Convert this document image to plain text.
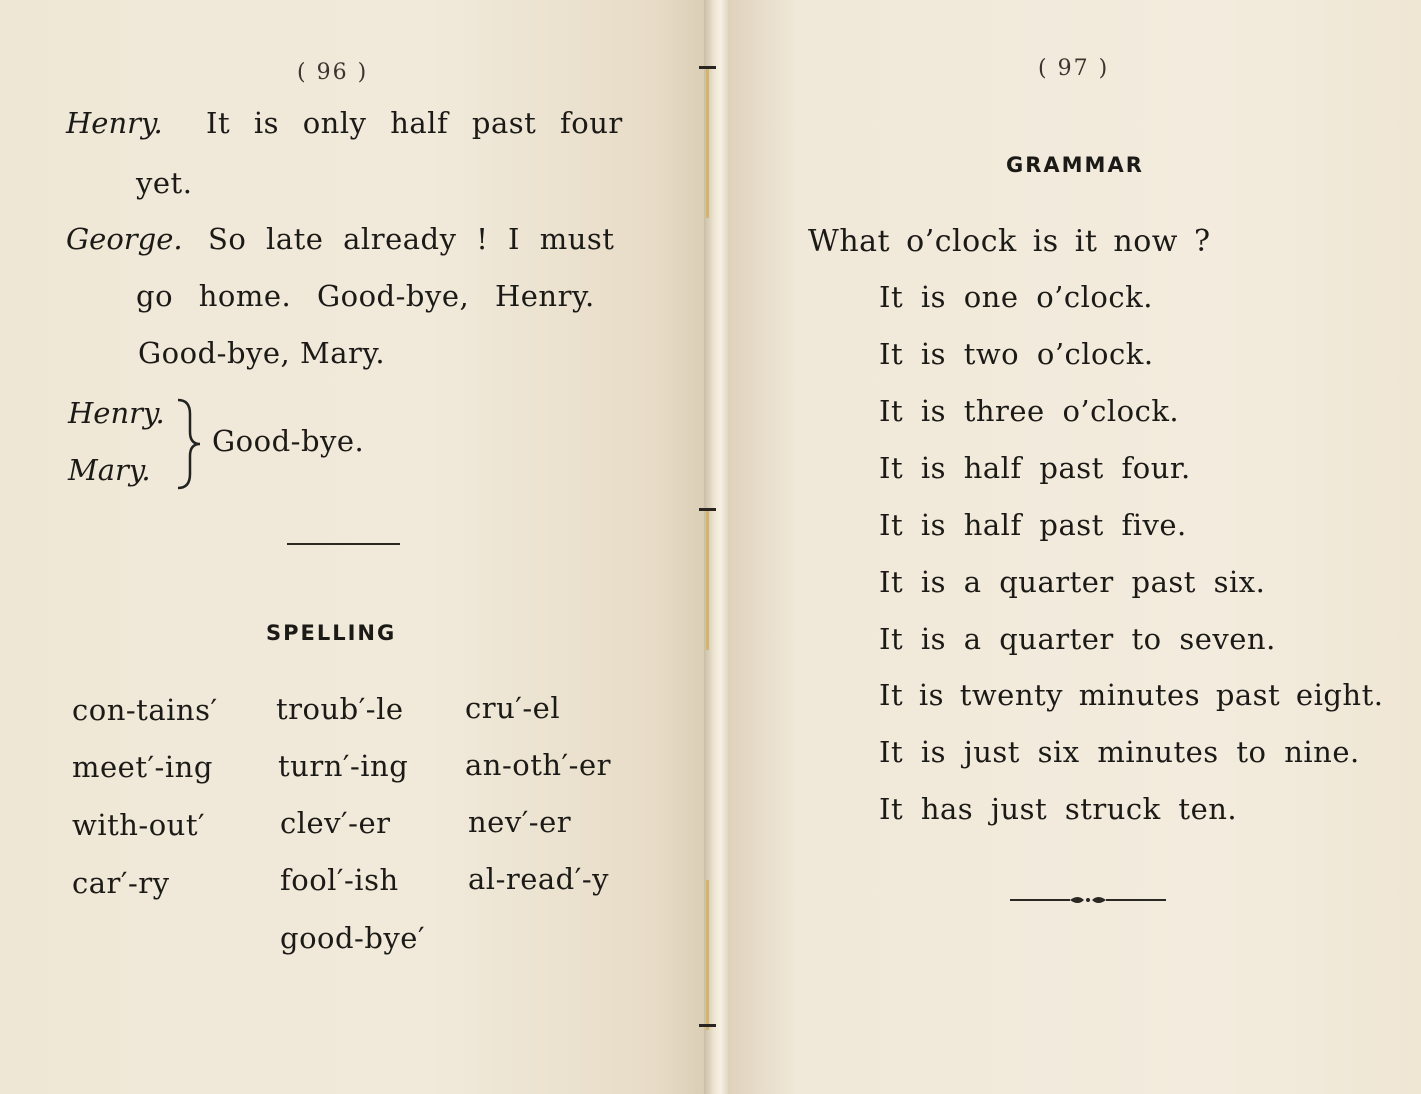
( 96 )
Henry. It is only half past four
yet.
George. So late already ! I must
go home. Good-bye, Henry.
Good-bye, Mary.
Henry.
Mary.
Good-bye.
SPELLING
con-tains′
meet′-ing
with-out′
car′-ry
troub′-le
turn′-ing
clev′-er
fool′-ish
good-bye′
cru′-el
an-oth′-er
nev′-er
al-read′-y
( 97 )
GRAMMAR
What o’clock is it now ?
It is one o’clock.
It is two o’clock.
It is three o’clock.
It is half past four.
It is half past five.
It is a quarter past six.
It is a quarter to seven.
It is twenty minutes past eight.
It is just six minutes to nine.
It has just struck ten.
